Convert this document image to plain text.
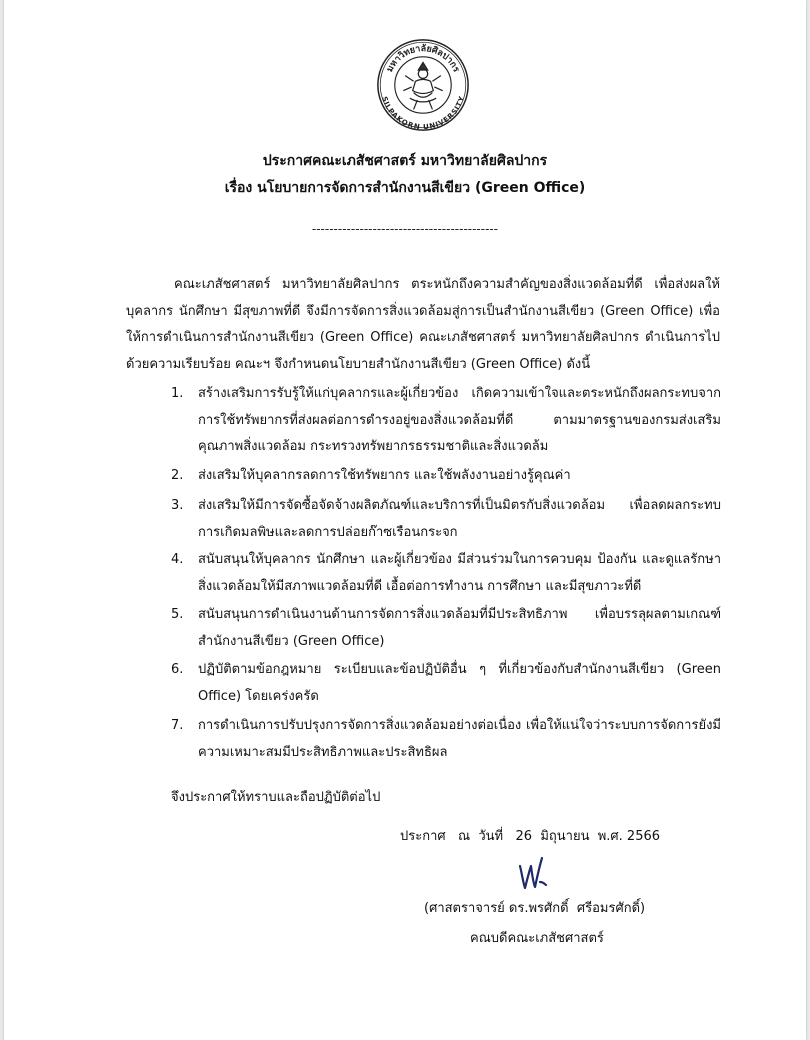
มหาวิทยาลัยศิลปากร
SILPAKORN UNIVERSITY
ประกาศคณะเภสัชศาสตร์ มหาวิทยาลัยศิลปากร
เรื่อง นโยบายการจัดการสำนักงานสีเขียว (Green Office)
-------------------------------------------
คณะเภสัชศาสตร์ มหาวิทยาลัยศิลปากร ตระหนักถึงความสำคัญของสิ่งแวดล้อมที่ดี เพื่อส่งผลให้บุคลากร นักศึกษา มีสุขภาพที่ดี จึงมีการจัดการสิ่งแวดล้อมสู่การเป็นสำนักงานสีเขียว (Green Office) เพื่อให้การดำเนินการสำนักงานสีเขียว (Green Office) คณะเภสัชศาสตร์ มหาวิทยาลัยศิลปากร ดำเนินการไปด้วยความเรียบร้อย คณะฯ จึงกำหนดนโยบายสำนักงานสีเขียว (Green Office) ดังนี้
1.	สร้างเสริมการรับรู้ให้แก่บุคลากรและผู้เกี่ยวข้อง เกิดความเข้าใจและตระหนักถึงผลกระทบจากการใช้ทรัพยากรที่ส่งผลต่อการดำรงอยู่ของสิ่งแวดล้อมที่ดี ตามมาตรฐานของกรมส่งเสริมคุณภาพสิ่งแวดล้อม กระทรวงทรัพยากรธรรมชาติและสิ่งแวดล้ม
2.	ส่งเสริมให้บุคลากรลดการใช้ทรัพยากร และใช้พลังงานอย่างรู้คุณค่า
3.	ส่งเสริมให้มีการจัดซื้อจัดจ้างผลิตภัณฑ์และบริการที่เป็นมิตรกับสิ่งแวดล้อม เพื่อลดผลกระทบการเกิดมลพิษและลดการปล่อยก๊าซเรือนกระจก
4.	สนับสนุนให้บุคลากร นักศึกษา และผู้เกี่ยวข้อง มีส่วนร่วมในการควบคุม ป้องกัน และดูแลรักษาสิ่งแวดล้อมให้มีสภาพแวดล้อมที่ดี เอื้อต่อการทำงาน การศึกษา และมีสุขภาวะที่ดี
5.	สนับสนุนการดำเนินงานด้านการจัดการสิ่งแวดล้อมที่มีประสิทธิภาพ เพื่อบรรลุผลตามเกณฑ์สำนักงานสีเขียว (Green Office)
6.	ปฏิบัติตามข้อกฎหมาย ระเบียบและข้อปฏิบัติอื่น ๆ ที่เกี่ยวข้องกับสำนักงานสีเขียว (Green Office) โดยเคร่งครัด
7.	การดำเนินการปรับปรุงการจัดการสิ่งแวดล้อมอย่างต่อเนื่อง เพื่อให้แน่ใจว่าระบบการจัดการยังมีความเหมาะสมมีประสิทธิภาพและประสิทธิผล
จึงประกาศให้ทราบและถือปฏิบัติต่อไป
ประกาศ   ณ  วันที่   26  มิถุนายน  พ.ศ. 2566
(ศาสตราจารย์ ดร.พรศักดิ์  ศรีอมรศักดิ์)
คณบดีคณะเภสัชศาสตร์
